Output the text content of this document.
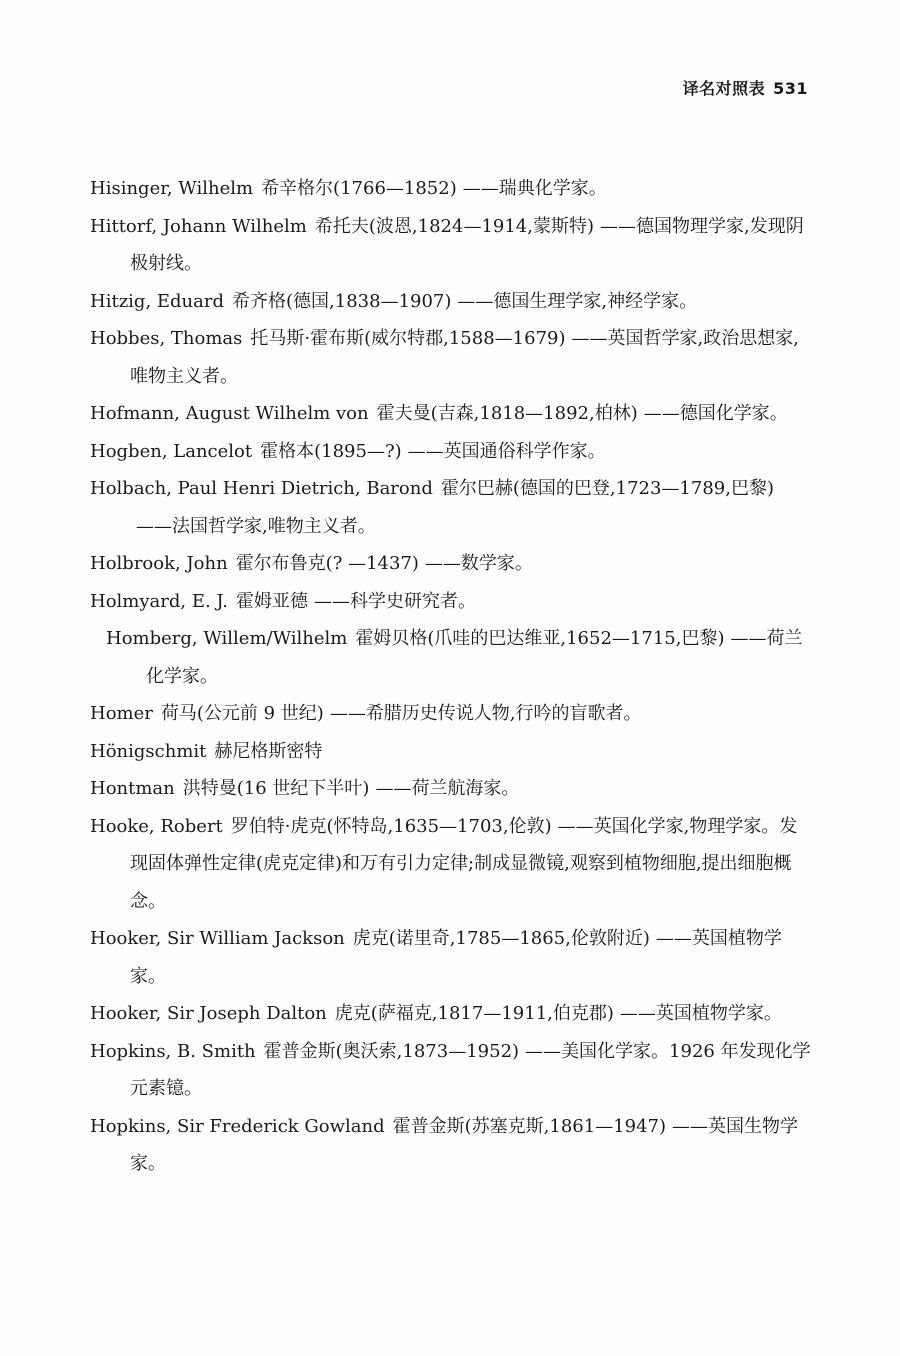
译名对照表 531

Hisinger, Wilhelm 希辛格尔(1766—1852) ——瑞典化学家。

Hittorf, Johann Wilhelm 希托夫(波恩,1824—1914,蒙斯特) ——德国物理学家,发现阴极射线。

Hitzig, Eduard 希齐格(德国,1838—1907) ——德国生理学家,神经学家。

Hobbes, Thomas 托马斯·霍布斯(威尔特郡,1588—1679) ——英国哲学家,政治思想家,唯物主义者。

Hofmann, August Wilhelm von 霍夫曼(吉森,1818—1892,柏林) ——德国化学家。

Hogben, Lancelot 霍格本(1895—?) ——英国通俗科学作家。

Holbach, Paul Henri Dietrich, Barond 霍尔巴赫(德国的巴登,1723—1789,巴黎)——法国哲学家,唯物主义者。

Holbrook, John 霍尔布鲁克(? —1437) ——数学家。

Holmyard, E. J. 霍姆亚德 ——科学史研究者。

Homberg, Willem/Wilhelm 霍姆贝格(爪哇的巴达维亚,1652—1715,巴黎) ——荷兰化学家。

Homer 荷马(公元前 9 世纪) ——希腊历史传说人物,行吟的盲歌者。

Hönigschmit 赫尼格斯密特

Hontman 洪特曼(16 世纪下半叶) ——荷兰航海家。

Hooke, Robert 罗伯特·虎克(怀特岛,1635—1703,伦敦) ——英国化学家,物理学家。发现固体弹性定律(虎克定律)和万有引力定律;制成显微镜,观察到植物细胞,提出细胞概念。

Hooker, Sir William Jackson 虎克(诺里奇,1785—1865,伦敦附近) ——英国植物学家。

Hooker, Sir Joseph Dalton 虎克(萨福克,1817—1911,伯克郡) ——英国植物学家。

Hopkins, B. Smith 霍普金斯(奥沃索,1873—1952) ——美国化学家。1926 年发现化学元素镱。

Hopkins, Sir Frederick Gowland 霍普金斯(苏塞克斯,1861—1947) ——英国生物学家。
